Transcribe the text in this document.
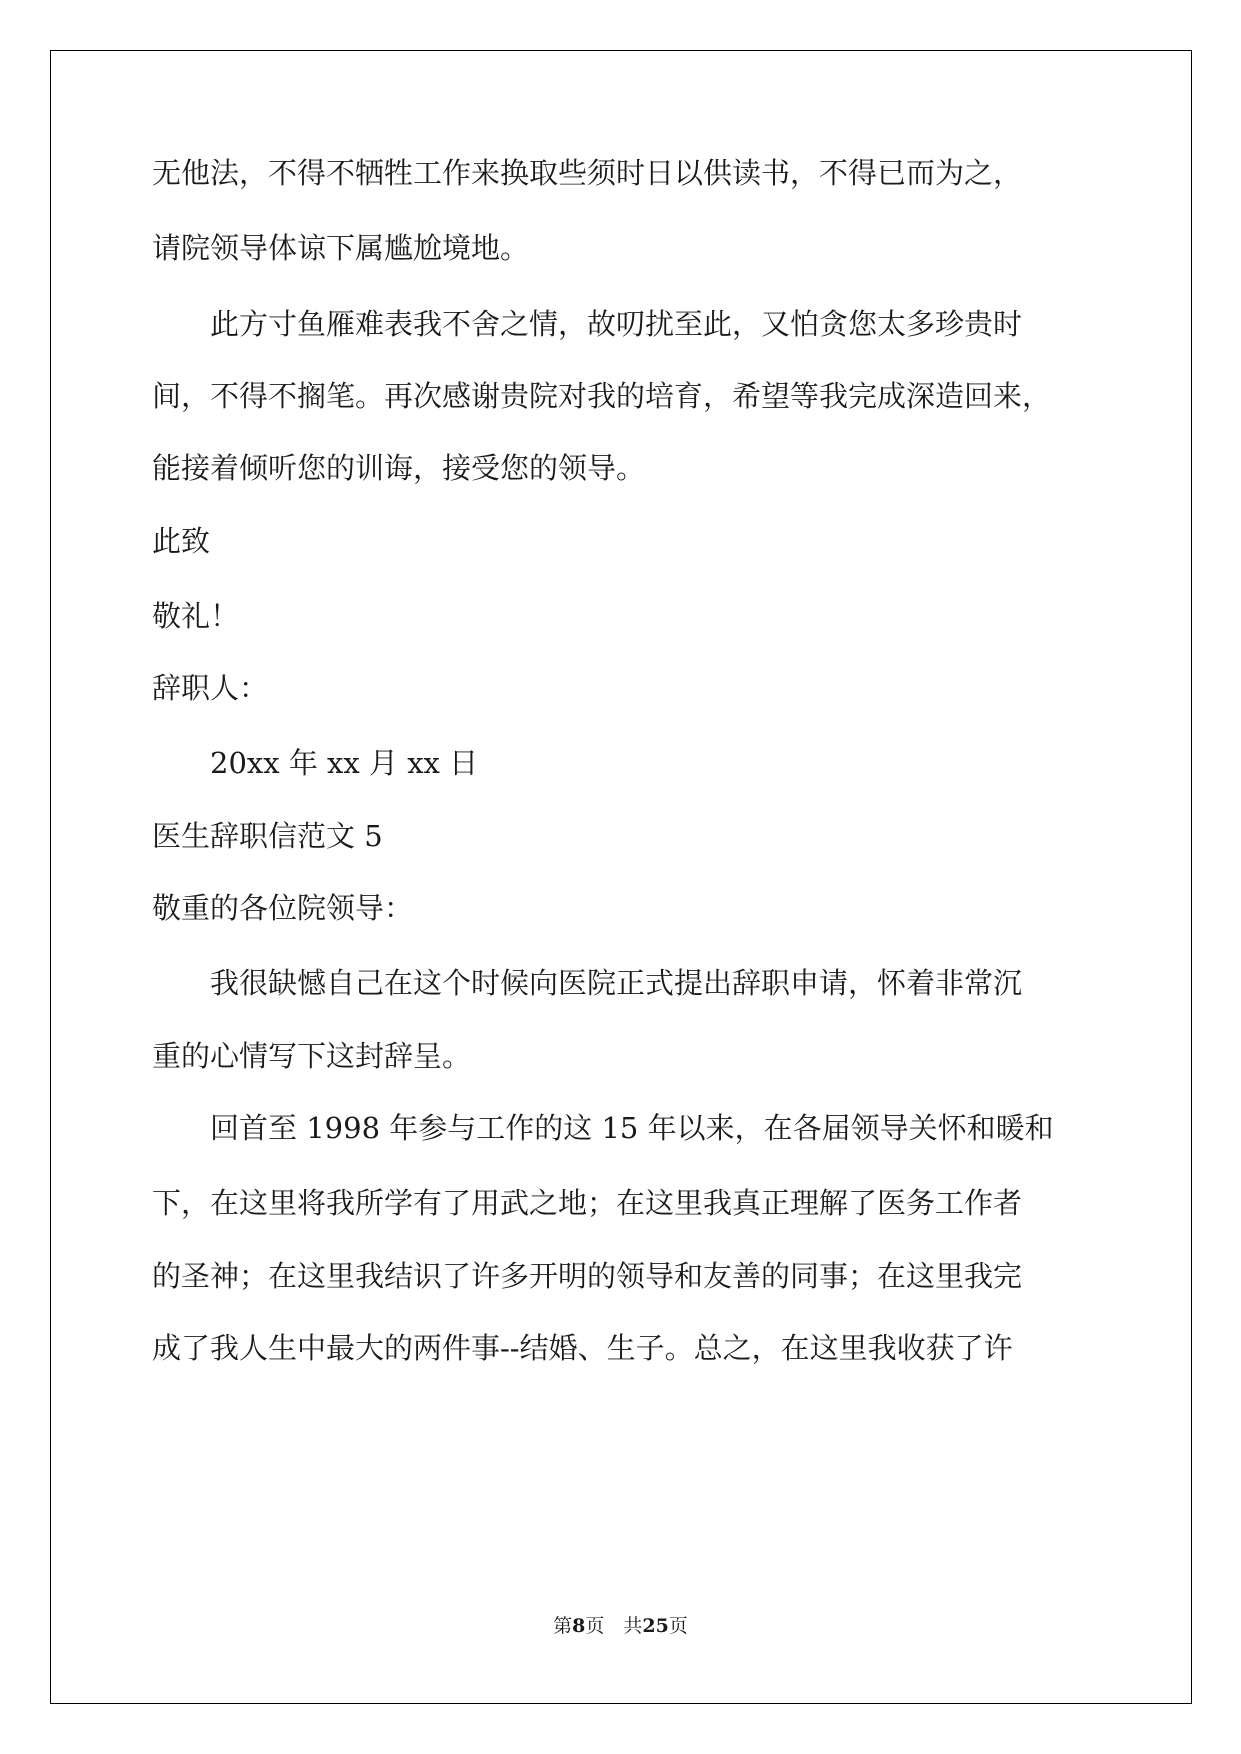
无他法，不得不牺牲工作来换取些须时日以供读书，不得已而为之，

请院领导体谅下属尴尬境地。

　　此方寸鱼雁难表我不舍之情，故叨扰至此，又怕贪您太多珍贵时

间，不得不搁笔。再次感谢贵院对我的培育，希望等我完成深造回来，

能接着倾听您的训诲，接受您的领导。

此致

敬礼！

辞职人：

　　20xx 年 xx 月 xx 日

医生辞职信范文 5

敬重的各位院领导：

　　我很缺憾自己在这个时候向医院正式提出辞职申请，怀着非常沉

重的心情写下这封辞呈。

　　回首至 1998 年参与工作的这 15 年以来，在各届领导关怀和暖和

下，在这里将我所学有了用武之地；在这里我真正理解了医务工作者

的圣神；在这里我结识了许多开明的领导和友善的同事；在这里我完

成了我人生中最大的两件事--结婚、生子。总之，在这里我收获了许

第8页　共25页
